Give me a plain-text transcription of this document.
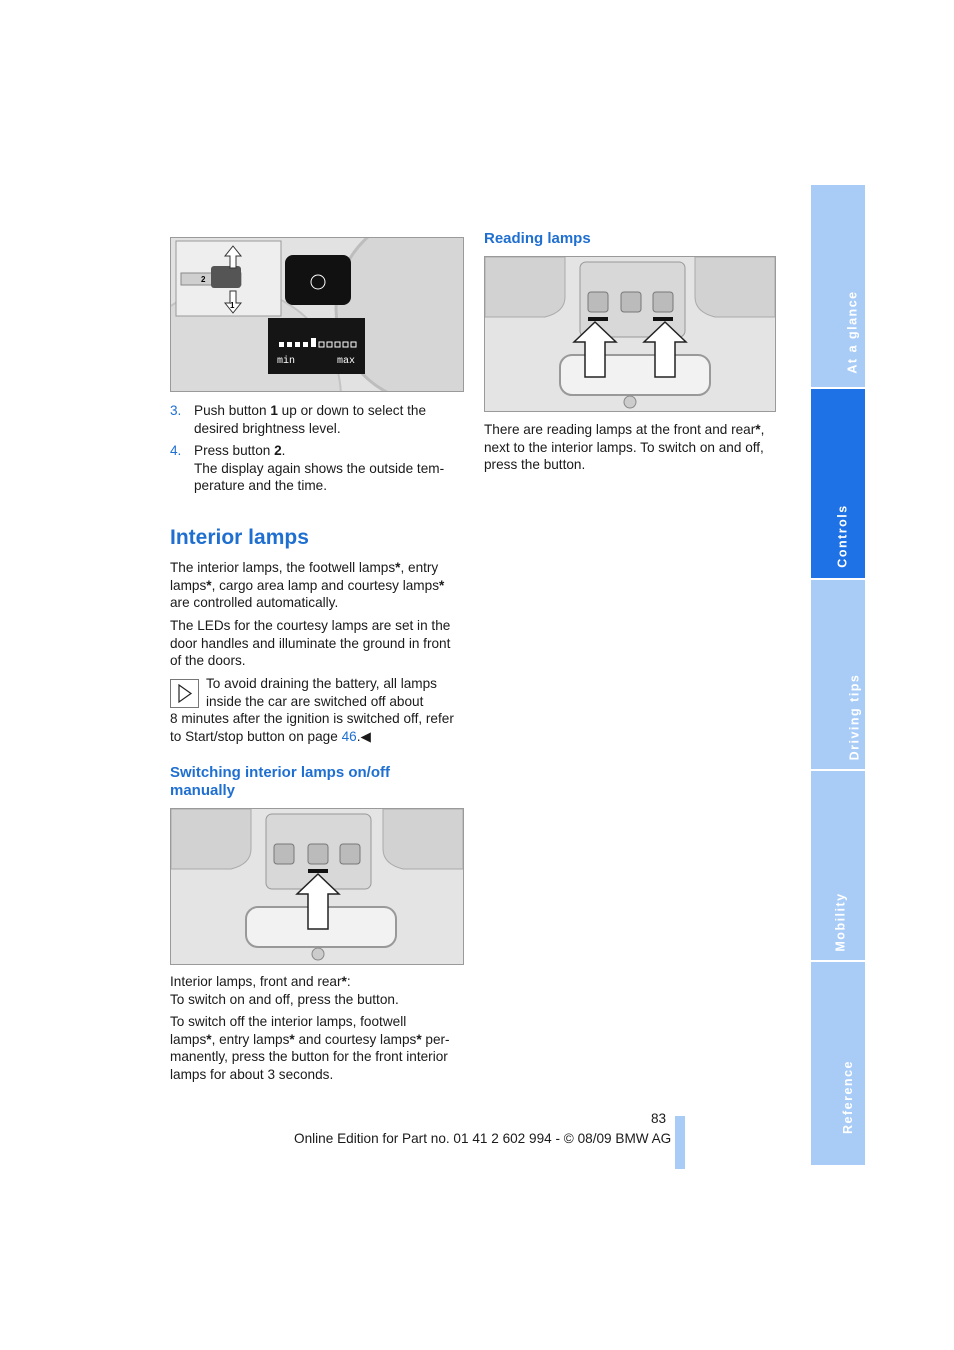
min	max
2
1
3. Push button 1 up or down to select the
desired brightness level.
4. Press button 2.
The display again shows the outside tem-
perature and the time.
Interior lamps
The interior lamps, the footwell lamps*, entry
lamps*, cargo area lamp and courtesy lamps*
are controlled automatically.
The LEDs for the courtesy lamps are set in the
door handles and illuminate the ground in front
of the doors.
To avoid draining the battery, all lamps
inside the car are switched off about
8 minutes after the ignition is switched off, refer
to Start/stop button on page 46.◀
Switching interior lamps on/off
manually
Interior lamps, front and rear*:
To switch on and off, press the button.
To switch off the interior lamps, footwell
lamps*, entry lamps* and courtesy lamps* per-
manently, press the button for the front interior
lamps for about 3 seconds.
Reading lamps
There are reading lamps at the front and rear*,
next to the interior lamps. To switch on and off,
press the button.
83
Online Edition for Part no. 01 41 2 602 994 - © 08/09 BMW AG
At a glance
Controls
Driving tips
Mobility
Reference
